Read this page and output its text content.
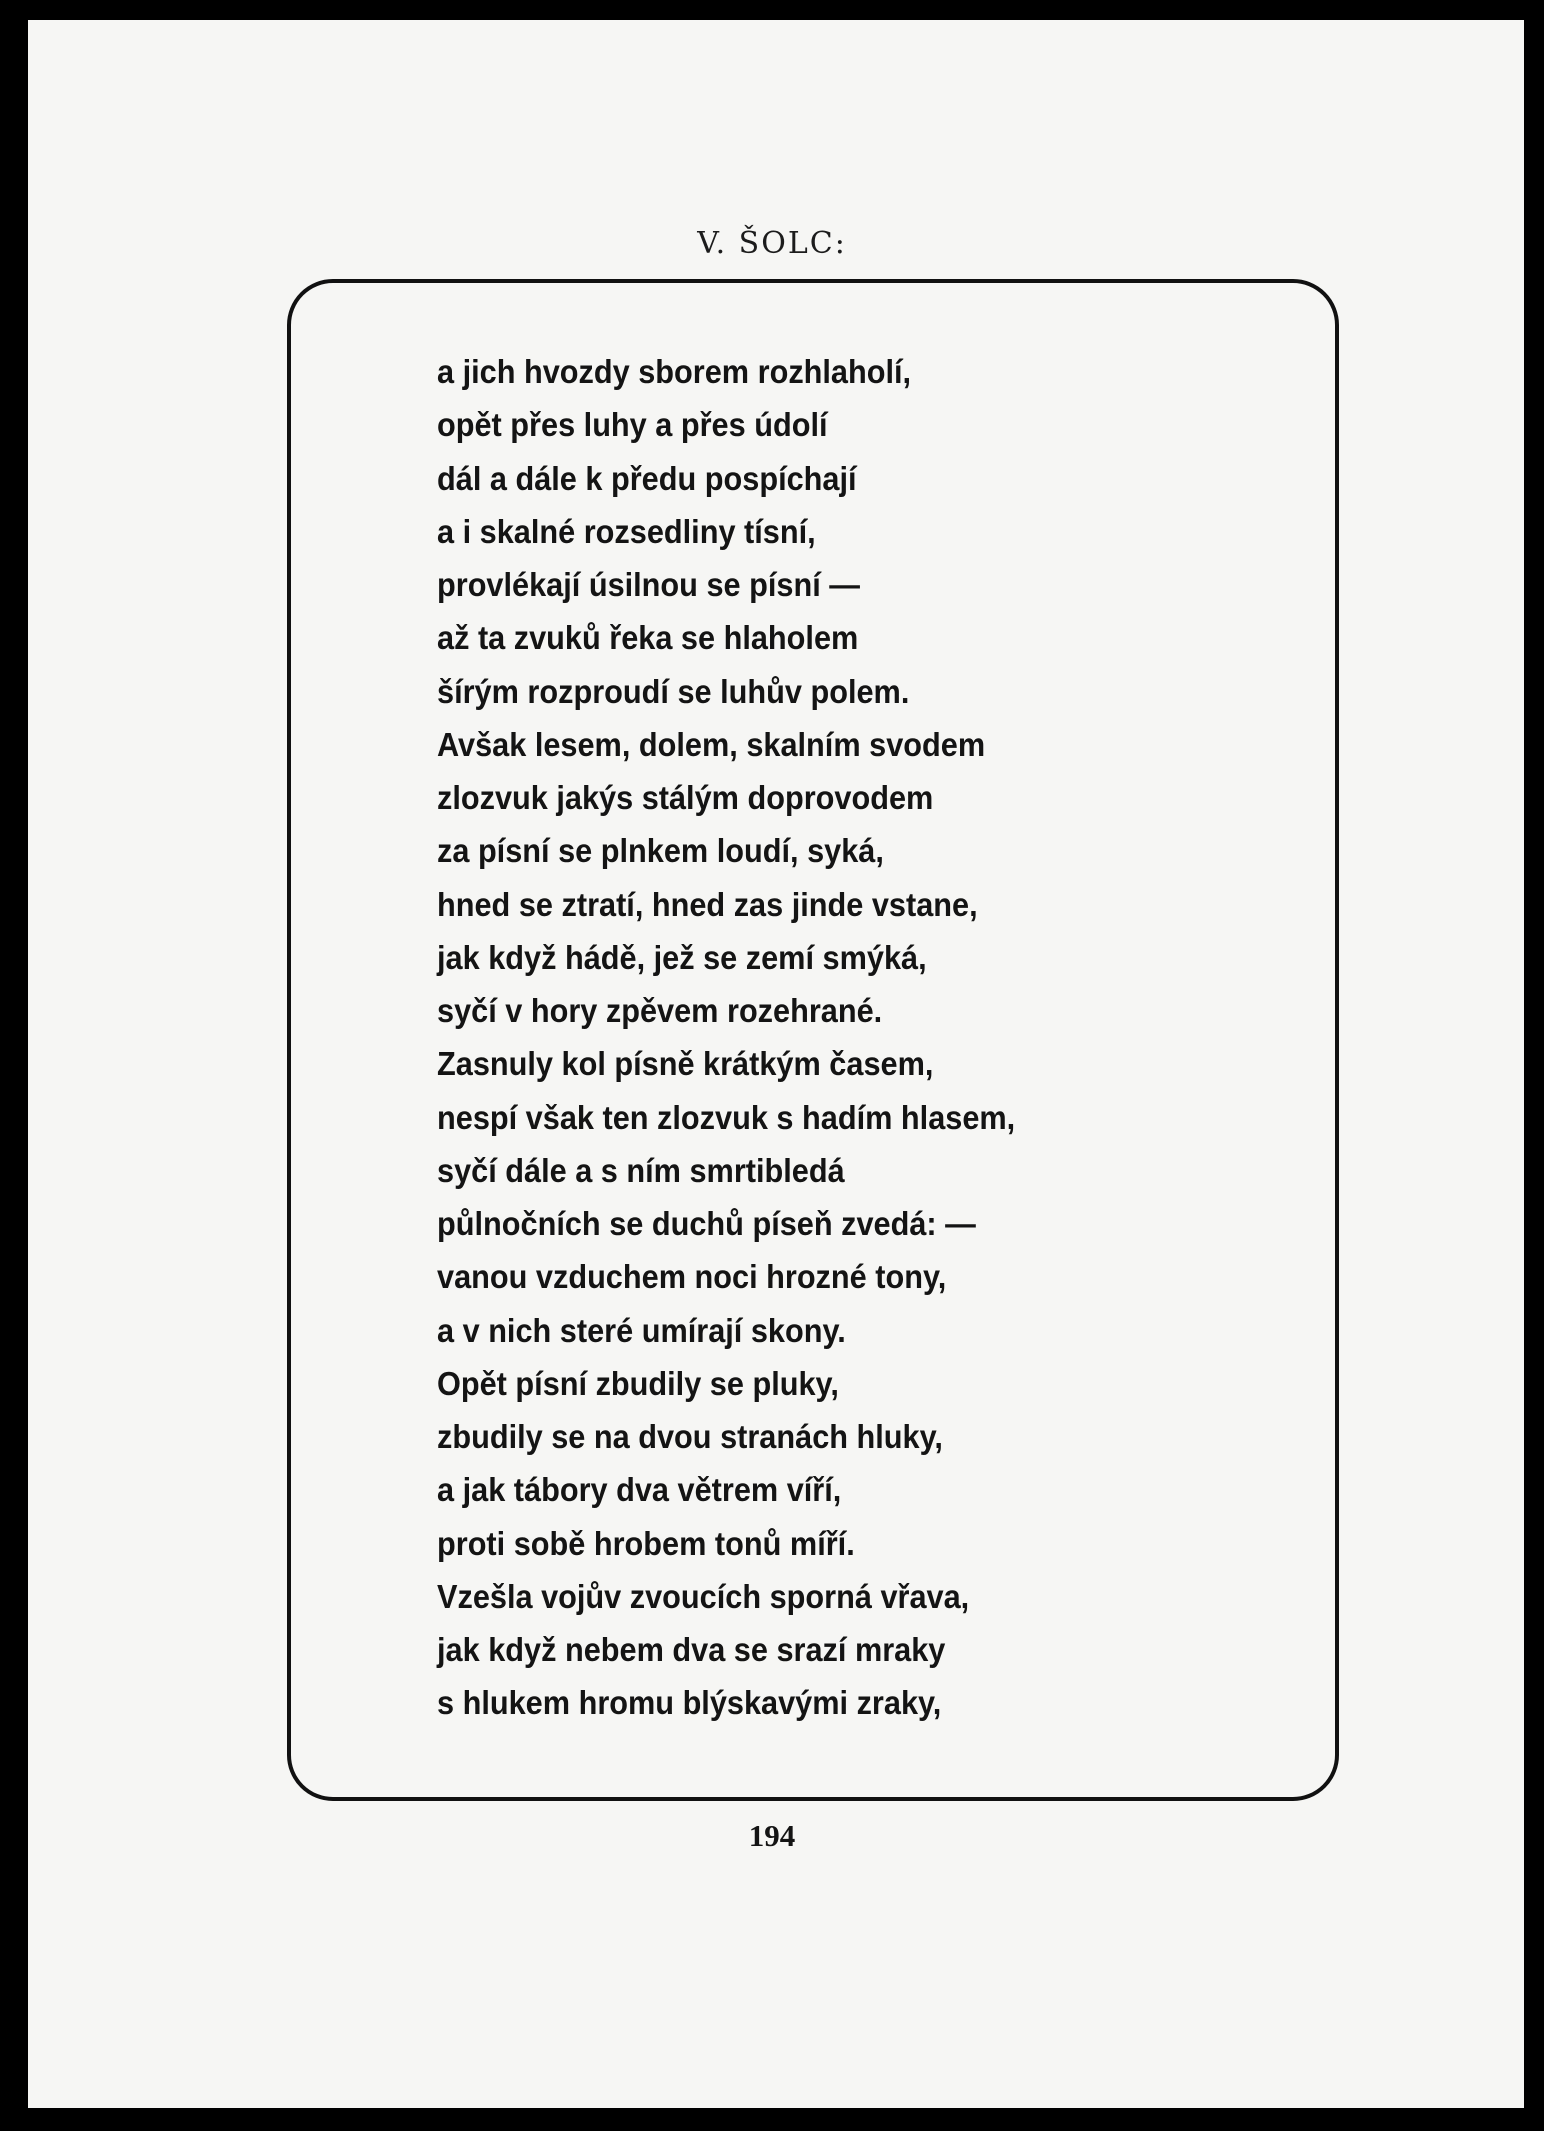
V. ŠOLC:
a jich hvozdy sborem rozhlaholí,
opět přes luhy a přes údolí
dál a dále k předu pospíchají
a i skalné rozsedliny tísní,
provlékají úsilnou se písní —
až ta zvuků řeka se hlaholem
šírým rozproudí se luhův polem.
Avšak lesem, dolem, skalním svodem
zlozvuk jakýs stálým doprovodem
za písní se plnkem loudí, syká,
hned se ztratí, hned zas jinde vstane,
jak když hádě, jež se zemí smýká,
syčí v hory zpěvem rozehrané.
Zasnuly kol písně krátkým časem,
nespí však ten zlozvuk s hadím hlasem,
syčí dále a s ním smrtibledá
půlnočních se duchů píseň zvedá: —
vanou vzduchem noci hrozné tony,
a v nich steré umírají skony.
Opět písní zbudily se pluky,
zbudily se na dvou stranách hluky,
a jak tábory dva větrem víří,
proti sobě hrobem tonů míří.
Vzešla vojův zvoucích sporná vřava,
jak když nebem dva se srazí mraky
s hlukem hromu blýskavými zraky,
194
